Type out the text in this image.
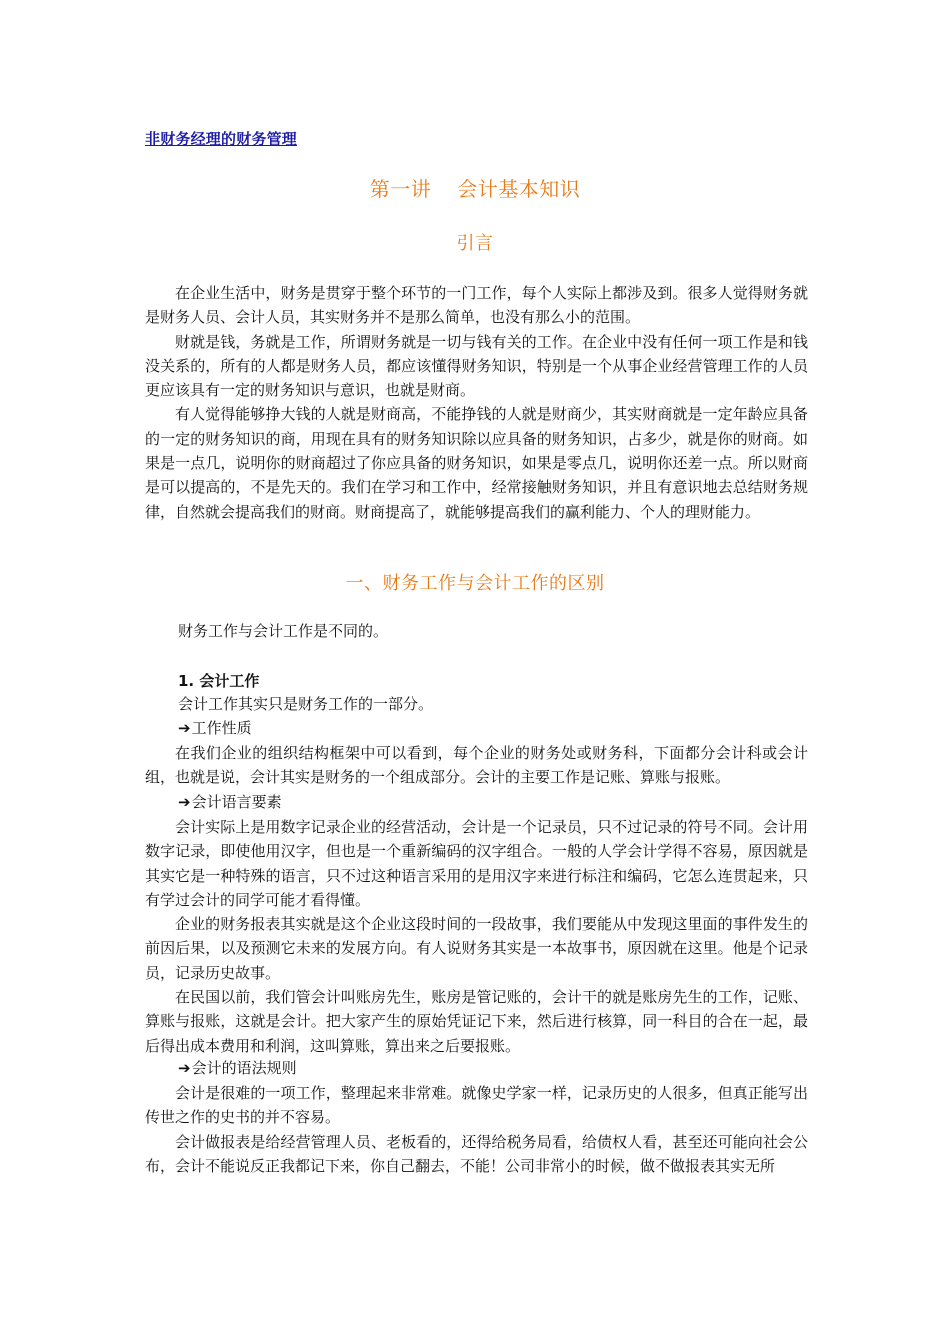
非财务经理的财务管理
第一讲 会计基本知识
引言

在企业生活中，财务是贯穿于整个环节的一门工作，每个人实际上都涉及到。很多人觉得财务就是财务人员、会计人员，其实财务并不是那么简单，也没有那么小的范围。

财就是钱，务就是工作，所谓财务就是一切与钱有关的工作。在企业中没有任何一项工作是和钱没关系的，所有的人都是财务人员，都应该懂得财务知识，特别是一个从事企业经营管理工作的人员更应该具有一定的财务知识与意识，也就是财商。

有人觉得能够挣大钱的人就是财商高，不能挣钱的人就是财商少，其实财商就是一定年龄应具备的一定的财务知识的商，用现在具有的财务知识除以应具备的财务知识，占多少，就是你的财商。如果是一点几，说明你的财商超过了你应具备的财务知识，如果是零点几，说明你还差一点。所以财商是可以提高的，不是先天的。我们在学习和工作中，经常接触财务知识，并且有意识地去总结财务规律，自然就会提高我们的财商。财商提高了，就能够提高我们的赢利能力、个人的理财能力。

一、财务工作与会计工作的区别
财务工作与会计工作是不同的。
1. 会计工作
会计工作其实只是财务工作的一部分。
➔工作性质

在我们企业的组织结构框架中可以看到，每个企业的财务处或财务科，下面都分会计科或会计组，也就是说，会计其实是财务的一个组成部分。会计的主要工作是记账、算账与报账。

➔会计语言要素

会计实际上是用数字记录企业的经营活动，会计是一个记录员，只不过记录的符号不同。会计用数字记录，即使他用汉字，但也是一个重新编码的汉字组合。一般的人学会计学得不容易，原因就是其实它是一种特殊的语言，只不过这种语言采用的是用汉字来进行标注和编码，它怎么连贯起来，只有学过会计的同学可能才看得懂。

企业的财务报表其实就是这个企业这段时间的一段故事，我们要能从中发现这里面的事件发生的前因后果，以及预测它未来的发展方向。有人说财务其实是一本故事书，原因就在这里。他是个记录员，记录历史故事。

在民国以前，我们管会计叫账房先生，账房是管记账的，会计干的就是账房先生的工作，记账、算账与报账，这就是会计。把大家产生的原始凭证记下来，然后进行核算，同一科目的合在一起，最后得出成本费用和利润，这叫算账，算出来之后要报账。

➔会计的语法规则

会计是很难的一项工作，整理起来非常难。就像史学家一样，记录历史的人很多，但真正能写出传世之作的史书的并不容易。

会计做报表是给经营管理人员、老板看的，还得给税务局看，给债权人看，甚至还可能向社会公布，会计不能说反正我都记下来，你自己翻去，不能！公司非常小的时候，做不做报表其实无所
